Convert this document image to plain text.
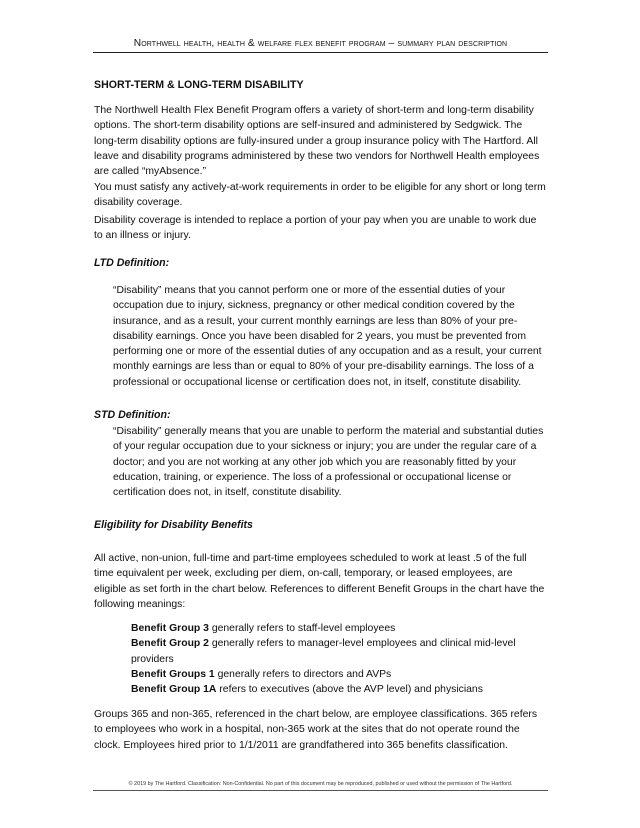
Northwell health, health & welfare flex benefit program – summary plan description
SHORT-TERM & LONG-TERM DISABILITY

The Northwell Health Flex Benefit Program offers a variety of short-term and long-term disability options. The short-term disability options are self-insured and administered by Sedgwick. The long-term disability options are fully-insured under a group insurance policy with The Hartford. All leave and disability programs administered by these two vendors for Northwell Health employees are called “myAbsence.”

You must satisfy any actively-at-work requirements in order to be eligible for any short or long term disability coverage.

Disability coverage is intended to replace a portion of your pay when you are unable to work due to an illness or injury.

LTD Definition:

“Disability” means that you cannot perform one or more of the essential duties of your occupation due to injury, sickness, pregnancy or other medical condition covered by the insurance, and as a result, your current monthly earnings are less than 80% of your pre-disability earnings. Once you have been disabled for 2 years, you must be prevented from performing one or more of the essential duties of any occupation and as a result, your current monthly earnings are less than or equal to 80% of your pre-disability earnings. The loss of a professional or occupational license or certification does not, in itself, constitute disability.

STD Definition:

“Disability” generally means that you are unable to perform the material and substantial duties of your regular occupation due to your sickness or injury; you are under the regular care of a doctor; and you are not working at any other job which you are reasonably fitted by your education, training, or experience. The loss of a professional or occupational license or certification does not, in itself, constitute disability.

Eligibility for Disability Benefits

All active, non-union, full-time and part-time employees scheduled to work at least .5 of the full time equivalent per week, excluding per diem, on-call, temporary, or leased employees, are eligible as set forth in the chart below. References to different Benefit Groups in the chart have the following meanings:

Benefit Group 3 generally refers to staff-level employees

Benefit Group 2 generally refers to manager-level employees and clinical mid-level providers

Benefit Groups 1 generally refers to directors and AVPs

Benefit Group 1A refers to executives (above the AVP level) and physicians

Groups 365 and non-365, referenced in the chart below, are employee classifications. 365 refers to employees who work in a hospital, non-365 work at the sites that do not operate round the clock. Employees hired prior to 1/1/2011 are grandfathered into 365 benefits classification.

© 2019 by The Hartford. Classification: Non-Confidential. No part of this document may be reproduced, published or used without the permission of The Hartford.
